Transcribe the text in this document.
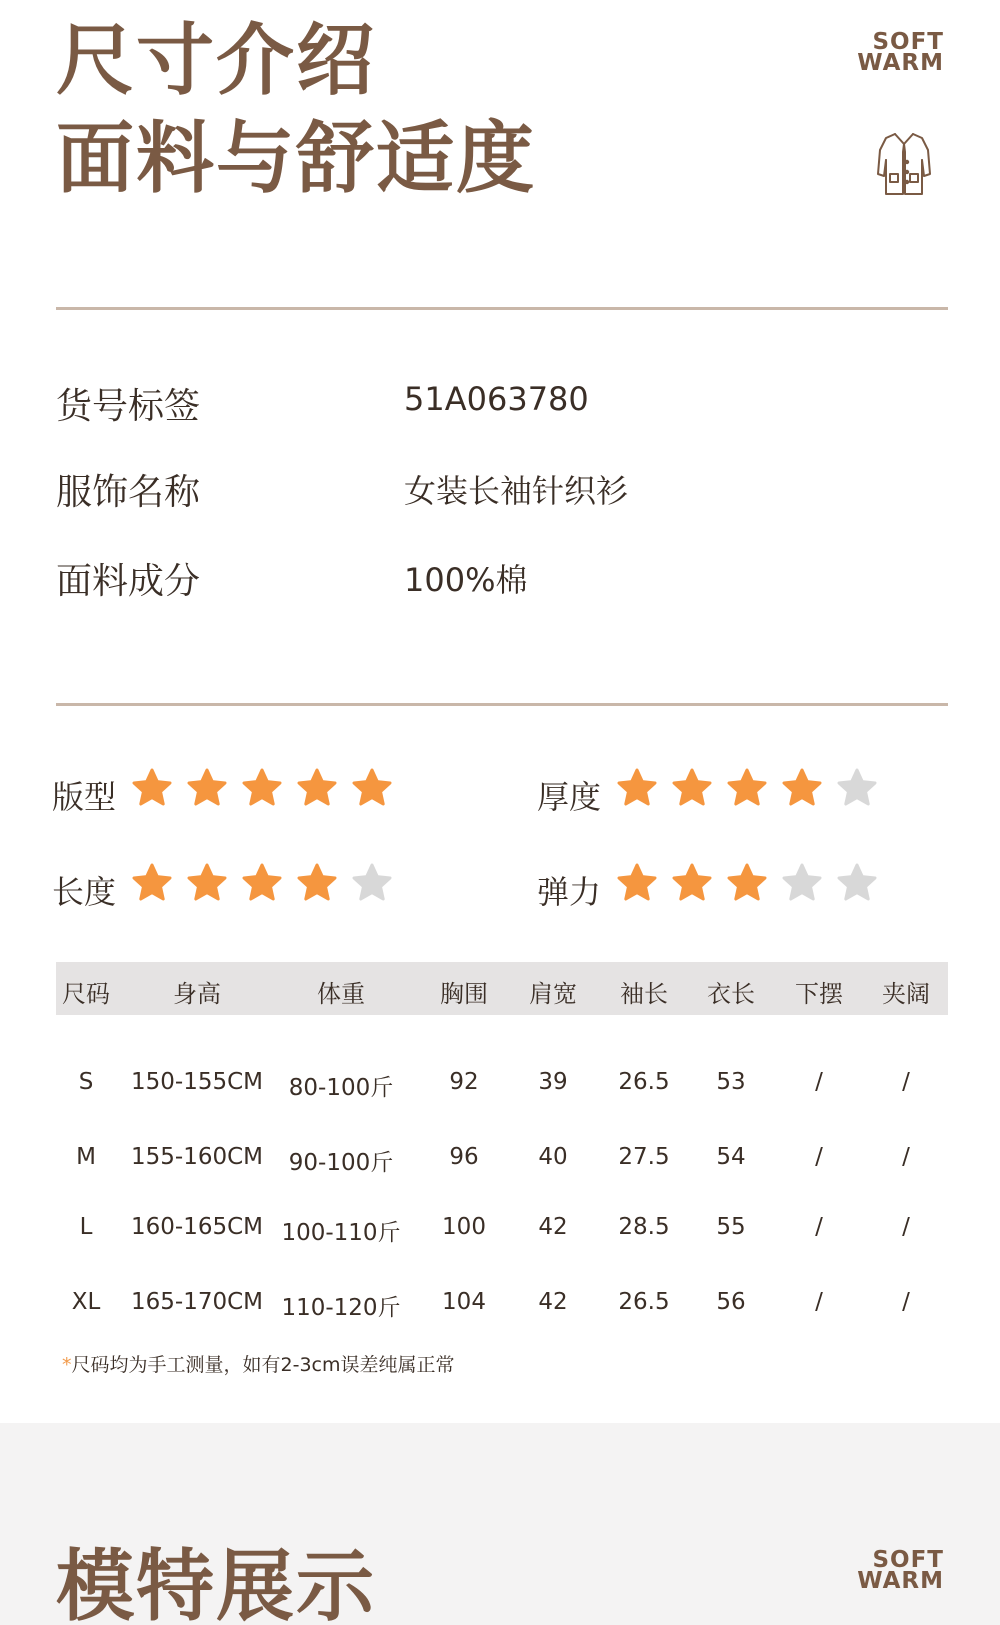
尺寸介绍
面料与舒适度
SOFT
WARM
货号标签	51A063780
服饰名称	女装长袖针织衫
面料成分	100%棉
版型	厚度
长度	弹力
尺码	身高	体重	胸围 肩宽 袖长 衣长 下摆 夹阔
S 150-155CM 80-100斤 92	39 26.5 53	/	/
M 155-160CM 90-100斤 96	40 27.5 54	/	/
L 160-165CM 100-110斤 100 42 28.5 55	/	/
XL 165-170CM 110-120斤 104 42 26.5 56	/	/
*尺码均为手工测量，如有2-3cm误差纯属正常
模特展示	SOFT
WARM
